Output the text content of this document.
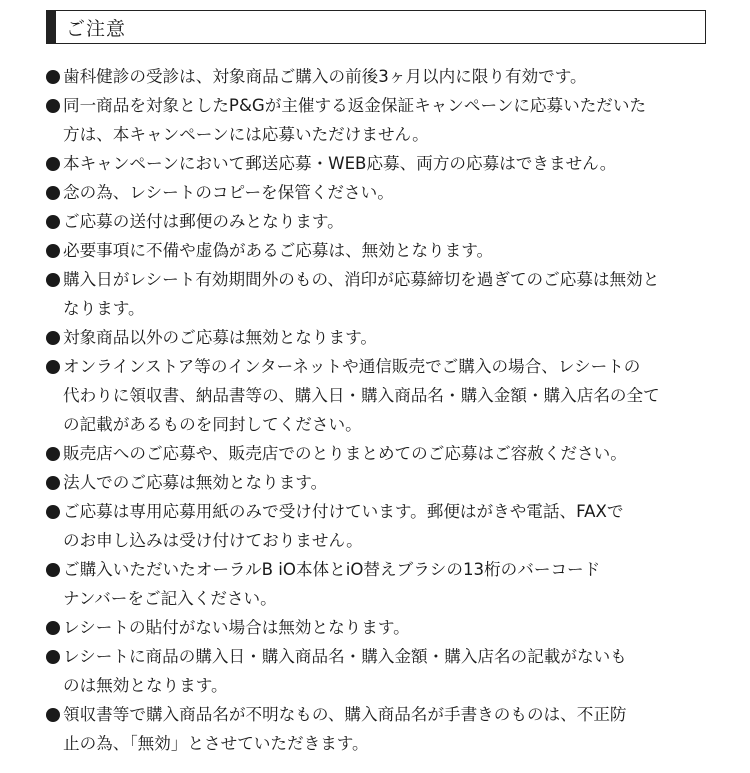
ご注意
歯科健診の受診は、対象商品ご購入の前後3ヶ月以内に限り有効です。
同一商品を対象としたP&Gが主催する返金保証キャンペーンに応募いただいた
方は、本キャンペーンには応募いただけません。
本キャンペーンにおいて郵送応募・WEB応募、両方の応募はできません。
念の為、レシートのコピーを保管ください。
ご応募の送付は郵便のみとなります。
必要事項に不備や虚偽があるご応募は、無効となります。
購入日がレシート有効期間外のもの、消印が応募締切を過ぎてのご応募は無効と
なります。
対象商品以外のご応募は無効となります。
オンラインストア等のインターネットや通信販売でご購入の場合、レシートの
代わりに領収書、納品書等の、購入日・購入商品名・購入金額・購入店名の全て
の記載があるものを同封してください。
販売店へのご応募や、販売店でのとりまとめてのご応募はご容赦ください。
法人でのご応募は無効となります。
ご応募は専用応募用紙のみで受け付けています。郵便はがきや電話、FAXで
のお申し込みは受け付けておりません。
ご購入いただいたオーラルB iO本体とiO替えブラシの13桁のバーコード
ナンバーをご記入ください。
レシートの貼付がない場合は無効となります。
レシートに商品の購入日・購入商品名・購入金額・購入店名の記載がないも
のは無効となります。
領収書等で購入商品名が不明なもの、購入商品名が手書きのものは、不正防
止の為、「無効」とさせていただきます。
